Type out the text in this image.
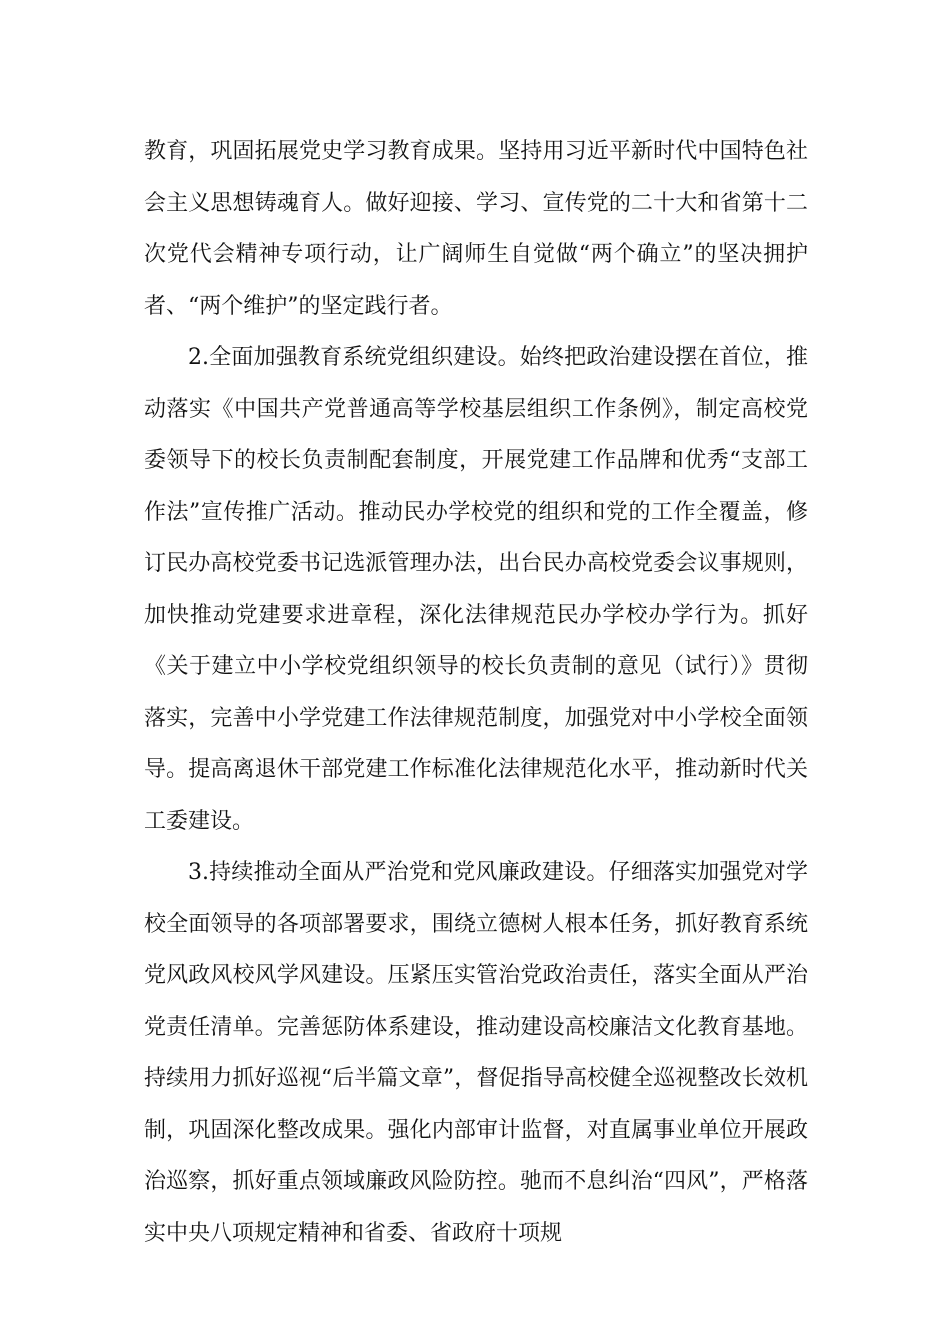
教育，巩固拓展党史学习教育成果。坚持用习近平新时代中国特色社会主义思想铸魂育人。做好迎接、学习、宣传党的二十大和省第十二次党代会精神专项行动，让广阔师生自觉做“两个确立”的坚决拥护者、“两个维护”的坚定践行者。

2.全面加强教育系统党组织建设。始终把政治建设摆在首位，推动落实《中国共产党普通高等学校基层组织工作条例》，制定高校党委领导下的校长负责制配套制度，开展党建工作品牌和优秀“支部工作法”宣传推广活动。推动民办学校党的组织和党的工作全覆盖，修订民办高校党委书记选派管理办法，出台民办高校党委会议事规则，加快推动党建要求进章程，深化法律规范民办学校办学行为。抓好《关于建立中小学校党组织领导的校长负责制的意见（试行）》贯彻落实，完善中小学党建工作法律规范制度，加强党对中小学校全面领导。提高离退休干部党建工作标准化法律规范化水平，推动新时代关工委建设。

3.持续推动全面从严治党和党风廉政建设。仔细落实加强党对学校全面领导的各项部署要求，围绕立德树人根本任务，抓好教育系统党风政风校风学风建设。压紧压实管治党政治责任，落实全面从严治党责任清单。完善惩防体系建设，推动建设高校廉洁文化教育基地。持续用力抓好巡视“后半篇文章”，督促指导高校健全巡视整改长效机制，巩固深化整改成果。强化内部审计监督，对直属事业单位开展政治巡察，抓好重点领域廉政风险防控。驰而不息纠治“四风”，严格落实中央八项规定精神和省委、省政府十项规
